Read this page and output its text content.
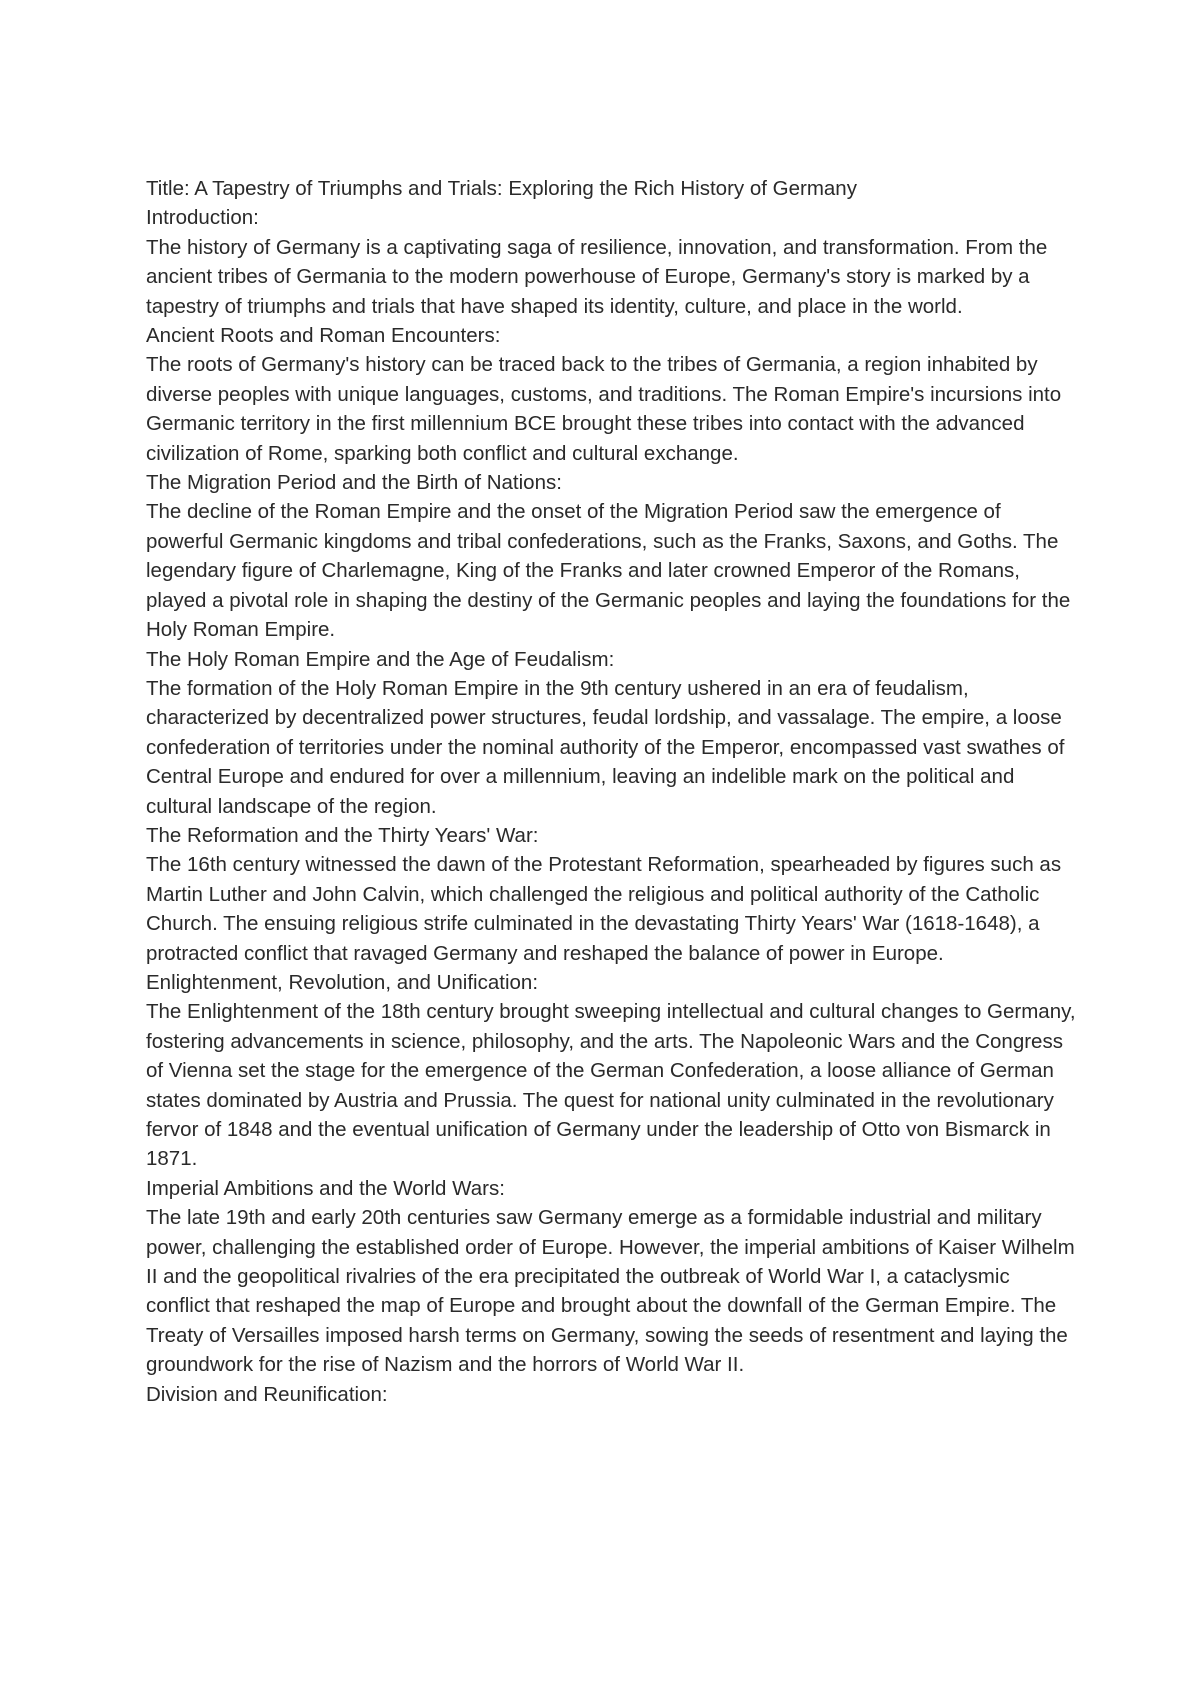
Title: A Tapestry of Triumphs and Trials: Exploring the Rich History of Germany

Introduction:

The history of Germany is a captivating saga of resilience, innovation, and transformation. From the ancient tribes of Germania to the modern powerhouse of Europe, Germany's story is marked by a tapestry of triumphs and trials that have shaped its identity, culture, and place in the world.

Ancient Roots and Roman Encounters:

The roots of Germany's history can be traced back to the tribes of Germania, a region inhabited by diverse peoples with unique languages, customs, and traditions. The Roman Empire's incursions into Germanic territory in the first millennium BCE brought these tribes into contact with the advanced civilization of Rome, sparking both conflict and cultural exchange.

The Migration Period and the Birth of Nations:

The decline of the Roman Empire and the onset of the Migration Period saw the emergence of powerful Germanic kingdoms and tribal confederations, such as the Franks, Saxons, and Goths. The legendary figure of Charlemagne, King of the Franks and later crowned Emperor of the Romans, played a pivotal role in shaping the destiny of the Germanic peoples and laying the foundations for the Holy Roman Empire.

The Holy Roman Empire and the Age of Feudalism:

The formation of the Holy Roman Empire in the 9th century ushered in an era of feudalism, characterized by decentralized power structures, feudal lordship, and vassalage. The empire, a loose confederation of territories under the nominal authority of the Emperor, encompassed vast swathes of Central Europe and endured for over a millennium, leaving an indelible mark on the political and cultural landscape of the region.

The Reformation and the Thirty Years' War:

The 16th century witnessed the dawn of the Protestant Reformation, spearheaded by figures such as Martin Luther and John Calvin, which challenged the religious and political authority of the Catholic Church. The ensuing religious strife culminated in the devastating Thirty Years' War (1618-1648), a protracted conflict that ravaged Germany and reshaped the balance of power in Europe.

Enlightenment, Revolution, and Unification:

The Enlightenment of the 18th century brought sweeping intellectual and cultural changes to Germany, fostering advancements in science, philosophy, and the arts. The Napoleonic Wars and the Congress of Vienna set the stage for the emergence of the German Confederation, a loose alliance of German states dominated by Austria and Prussia. The quest for national unity culminated in the revolutionary fervor of 1848 and the eventual unification of Germany under the leadership of Otto von Bismarck in 1871.

Imperial Ambitions and the World Wars:

The late 19th and early 20th centuries saw Germany emerge as a formidable industrial and military power, challenging the established order of Europe. However, the imperial ambitions of Kaiser Wilhelm II and the geopolitical rivalries of the era precipitated the outbreak of World War I, a cataclysmic conflict that reshaped the map of Europe and brought about the downfall of the German Empire. The Treaty of Versailles imposed harsh terms on Germany, sowing the seeds of resentment and laying the groundwork for the rise of Nazism and the horrors of World War II.

Division and Reunification:
